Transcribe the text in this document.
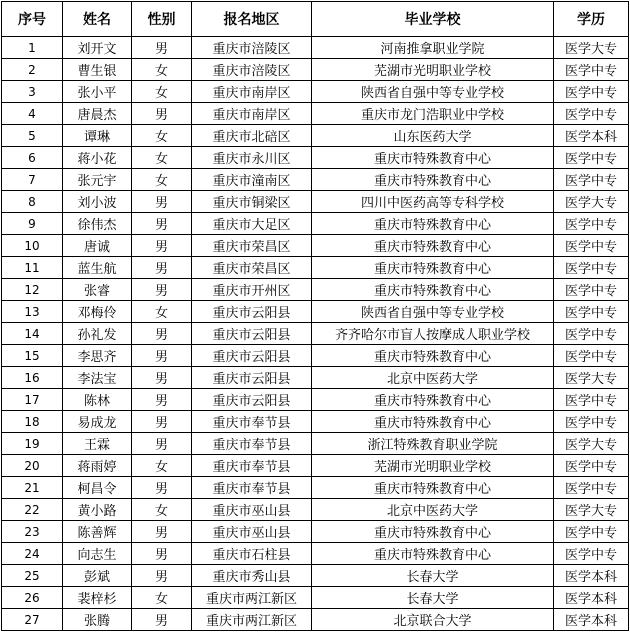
序号	姓名	性别	报名地区	毕业学校	学历
1	刘开文	男	重庆市涪陵区	河南推拿职业学院	医学大专
2	曹生银	女	重庆市涪陵区	芜湖市光明职业学校	医学中专
3	张小平	女	重庆市南岸区	陕西省自强中等专业学校	医学中专
4	唐晨杰	男	重庆市南岸区	重庆市龙门浩职业中学校	医学中专
5	谭琳	女	重庆市北碚区	山东医药大学	医学本科
6	蒋小花	女	重庆市永川区	重庆市特殊教育中心	医学中专
7	张元宇	女	重庆市潼南区	重庆市特殊教育中心	医学中专
8	刘小波	男	重庆市铜梁区	四川中医药高等专科学校	医学大专
9	徐伟杰	男	重庆市大足区	重庆市特殊教育中心	医学中专
10	唐诚	男	重庆市荣昌区	重庆市特殊教育中心	医学中专
11	蓝生航	男	重庆市荣昌区	重庆市特殊教育中心	医学中专
12	张睿	男	重庆市开州区	重庆市特殊教育中心	医学中专
13	邓梅伶	女	重庆市云阳县	陕西省自强中等专业学校	医学中专
14	孙礼发	男	重庆市云阳县	齐齐哈尔市盲人按摩成人职业学校	医学中专
15	李思齐	男	重庆市云阳县	重庆市特殊教育中心	医学中专
16	李法宝	男	重庆市云阳县	北京中医药大学	医学大专
17	陈林	男	重庆市云阳县	重庆市特殊教育中心	医学中专
18	易成龙	男	重庆市奉节县	重庆市特殊教育中心	医学中专
19	王霖	男	重庆市奉节县	浙江特殊教育职业学院	医学大专
20	蒋雨婷	女	重庆市奉节县	芜湖市光明职业学校	医学中专
21	柯昌令	男	重庆市奉节县	重庆市特殊教育中心	医学中专
22	黄小路	女	重庆市巫山县	北京中医药大学	医学大专
23	陈善辉	男	重庆市巫山县	重庆市特殊教育中心	医学中专
24	向志生	男	重庆市石柱县	重庆市特殊教育中心	医学中专
25	彭斌	男	重庆市秀山县	长春大学	医学本科
26	裴梓杉	女	重庆市两江新区	长春大学	医学本科
27	张腾	男	重庆市两江新区	北京联合大学	医学本科
